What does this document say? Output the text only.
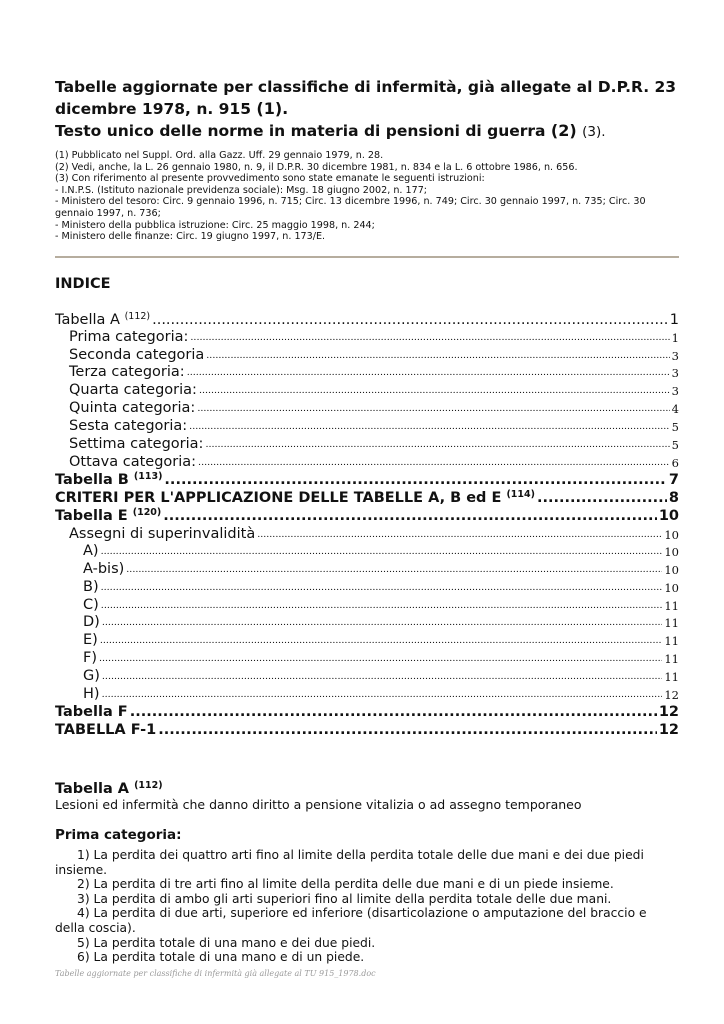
Tabelle aggiornate per classifiche di infermità, già allegate al D.P.R. 23
dicembre 1978, n. 915 (1).
Testo unico delle norme in materia di pensioni di guerra (2) (3).
(1) Pubblicato nel Suppl. Ord. alla Gazz. Uff. 29 gennaio 1979, n. 28.
(2) Vedi, anche, la L. 26 gennaio 1980, n. 9, il D.P.R. 30 dicembre 1981, n. 834 e la L. 6 ottobre 1986, n. 656.
(3) Con riferimento al presente provvedimento sono state emanate le seguenti istruzioni:
- I.N.P.S. (Istituto nazionale previdenza sociale): Msg. 18 giugno 2002, n. 177;
- Ministero del tesoro: Circ. 9 gennaio 1996, n. 715; Circ. 13 dicembre 1996, n. 749; Circ. 30 gennaio 1997, n. 735; Circ. 30 gennaio 1997, n. 736;
- Ministero della pubblica istruzione: Circ. 25 maggio 1998, n. 244;
- Ministero delle finanze: Circ. 19 giugno 1997, n. 173/E.
INDICE
Tabella A $^{(112)}$ .....	1
Prima categoria: .....	1
Seconda categoria .....	3
Terza categoria: .....	3
Quarta categoria: .....	3
Quinta categoria: .....	4
Sesta categoria: .....	5
Settima categoria: .....	5
Ottava categoria: .....	6
Tabella B $^{(113)}$ .....	7
CRITERI PER L'APPLICAZIONE DELLE TABELLE A, B ed E $^{(114)}$ .....	8
Tabella E $^{(120)}$ .....	10
Assegni di superinvalidità .....	10
A) .....	10
A-bis) .....	10
B) .....	10
C) .....	11
D) .....	11
E) .....	11
F) .....	11
G) .....	11
H) .....	12
Tabella F .....	12
TABELLA F-1 .....	12
Tabella A $^{(112)}$
Lesioni ed infermità che danno diritto a pensione vitalizia o ad assegno temporaneo
Prima categoria:

1) La perdita dei quattro arti fino al limite della perdita totale delle due mani e dei due piedi insieme.

2) La perdita di tre arti fino al limite della perdita delle due mani e di un piede insieme.

3) La perdita di ambo gli arti superiori fino al limite della perdita totale delle due mani.

4) La perdita di due arti, superiore ed inferiore (disarticolazione o amputazione del braccio e della coscia).

5) La perdita totale di una mano e dei due piedi.

6) La perdita totale di una mano e di un piede.

Tabelle aggiornate per classifiche di infermità già allegate al TU 915_1978.doc
